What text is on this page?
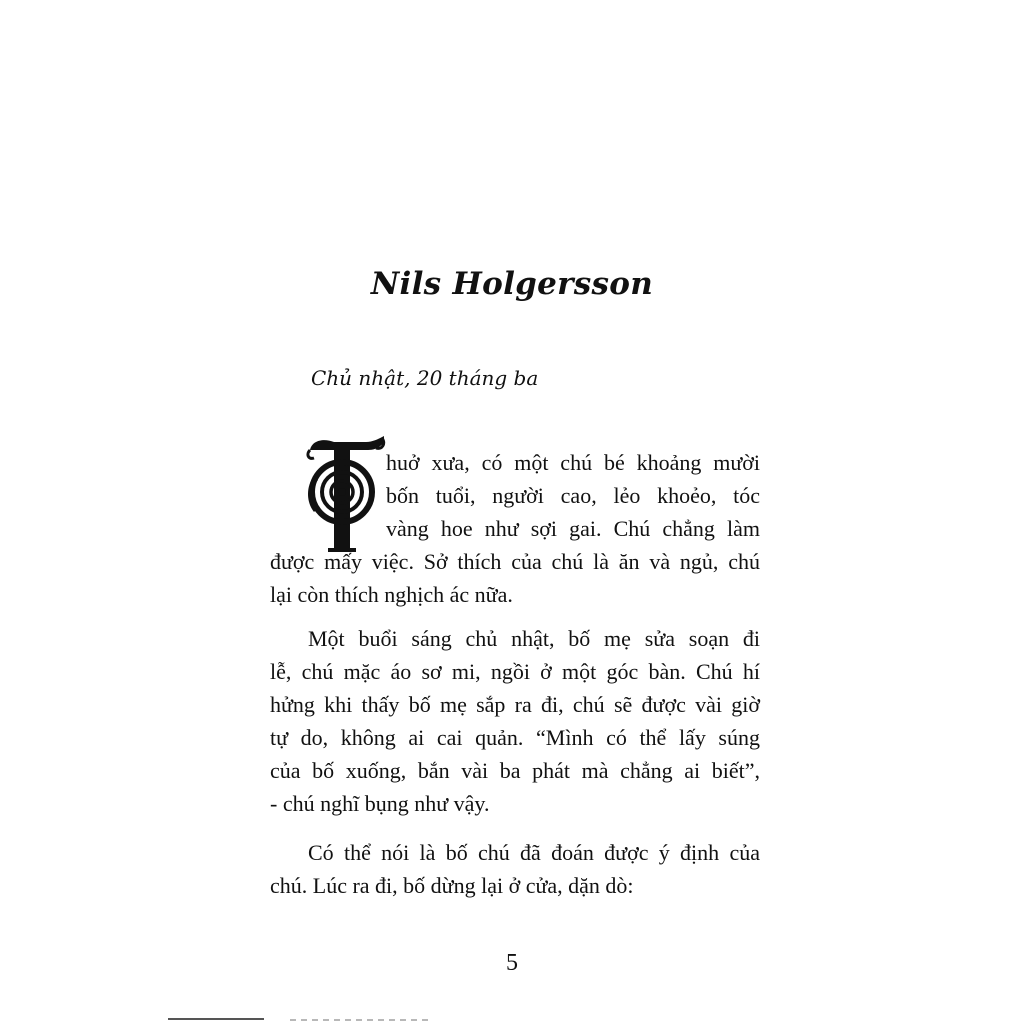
Nils Holgersson
Chủ nhật, 20 tháng ba
huở xưa, có một chú bé khoảng mười
bốn tuổi, người cao, lẻo khoẻo, tóc
vàng hoe như sợi gai. Chú chẳng làm
được mấy việc. Sở thích của chú là ăn và ngủ, chú
lại còn thích nghịch ác nữa.
Một buổi sáng chủ nhật, bố mẹ sửa soạn đi
lễ, chú mặc áo sơ mi, ngồi ở một góc bàn. Chú hí
hửng khi thấy bố mẹ sắp ra đi, chú sẽ được vài giờ
tự do, không ai cai quản. “Mình có thể lấy súng
của bố xuống, bắn vài ba phát mà chẳng ai biết”,
- chú nghĩ bụng như vậy.
Có thể nói là bố chú đã đoán được ý định của
chú. Lúc ra đi, bố dừng lại ở cửa, dặn dò:
5
